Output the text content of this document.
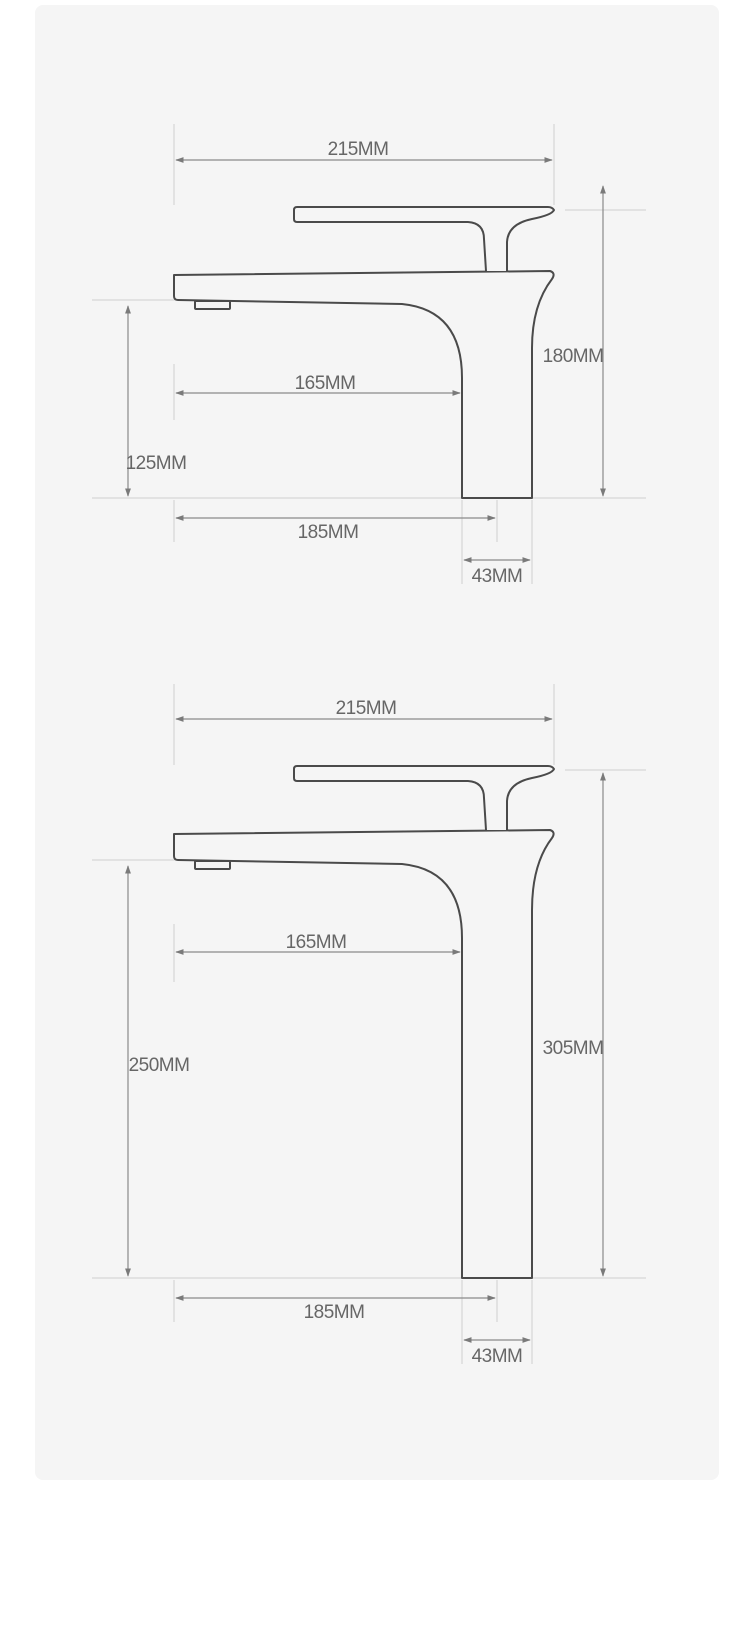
215MM
180MM
125MM
165MM
185MM
43MM
215MM
305MM
250MM
165MM
185MM
43MM
